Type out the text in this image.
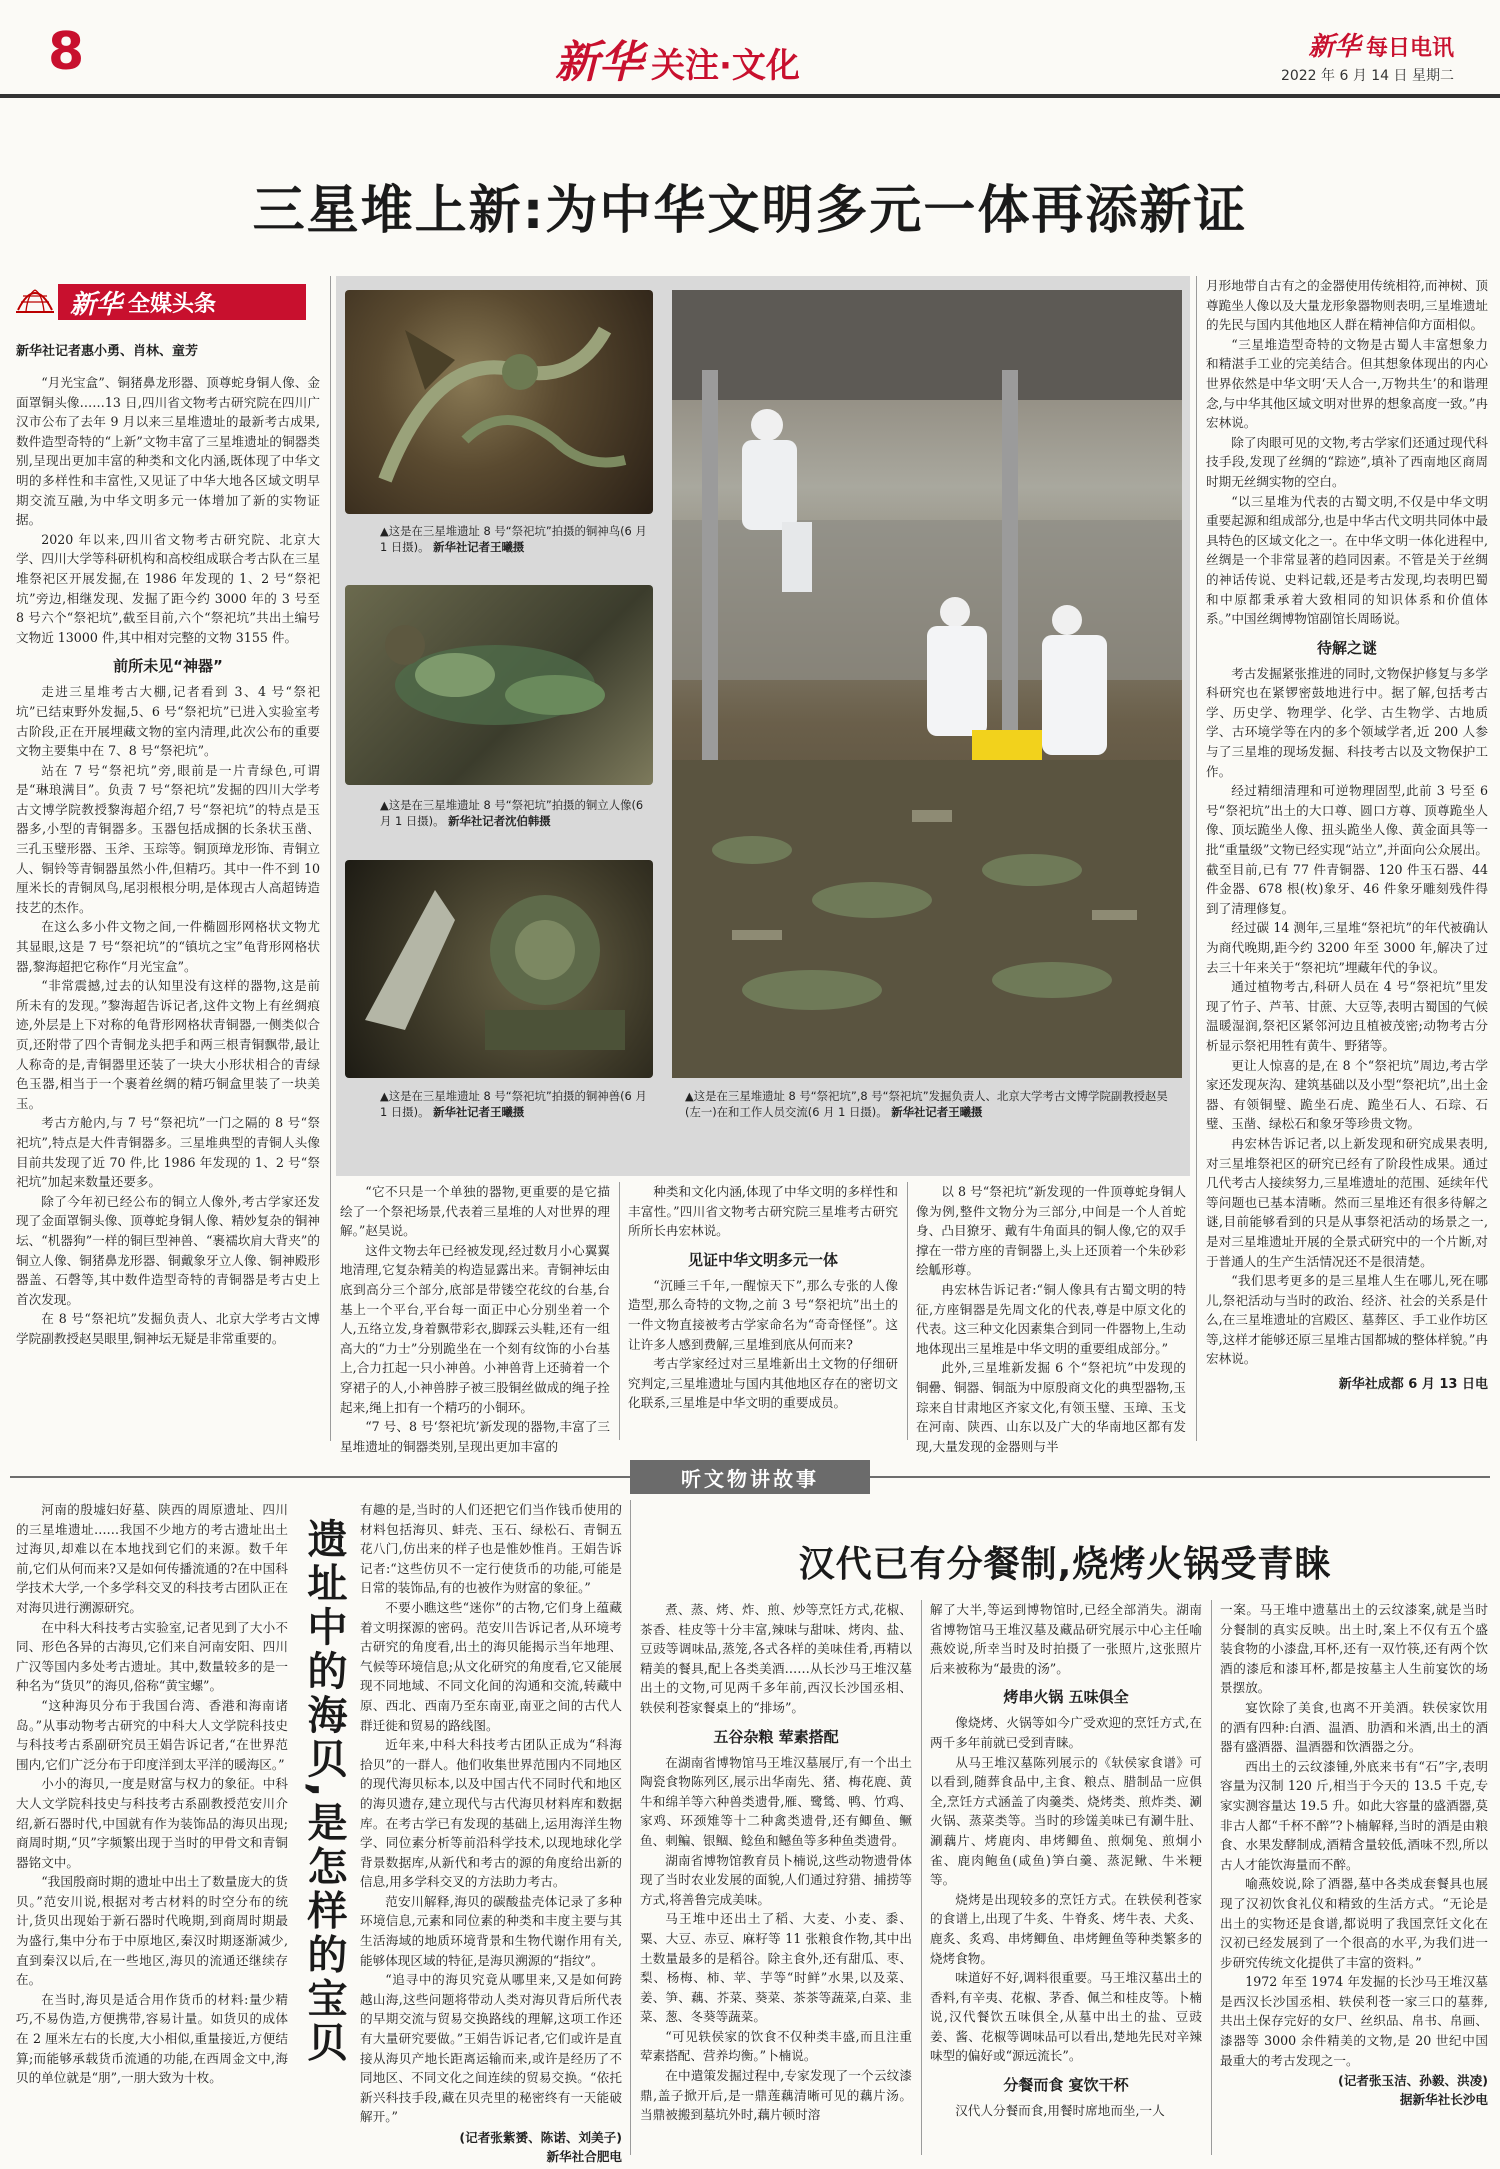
8	新华 关注·文化	新华 每日电讯
2022 年 6 月 14 日 星期二
三星堆上新:为中华文明多元一体再添新证
新华 全媒头条
新华社记者惠小勇、肖林、童芳

“月光宝盒”、铜猪鼻龙形器、顶尊蛇身铜人像、金面罩铜头像……13 日,四川省文物考古研究院在四川广汉市公布了去年 9 月以来三星堆遗址的最新考古成果,数件造型奇特的“上新”文物丰富了三星堆遗址的铜器类别,呈现出更加丰富的种类和文化内涵,既体现了中华文明的多样性和丰富性,又见证了中华大地各区域文明早期交流互融,为中华文明多元一体增加了新的实物证据。

2020 年以来,四川省文物考古研究院、北京大学、四川大学等科研机构和高校组成联合考古队在三星堆祭祀区开展发掘,在 1986 年发现的 1、2 号“祭祀坑”旁边,相继发现、发掘了距今约 3000 年的 3 号至 8 号六个“祭祀坑”,截至目前,六个“祭祀坑”共出土编号文物近 13000 件,其中相对完整的文物 3155 件。

前所未见“神器”

走进三星堆考古大棚,记者看到 3、4 号“祭祀坑”已结束野外发掘,5、6 号“祭祀坑”已进入实验室考古阶段,正在开展埋藏文物的室内清理,此次公布的重要文物主要集中在 7、8 号“祭祀坑”。

站在 7 号“祭祀坑”旁,眼前是一片青绿色,可谓是“琳琅满目”。负责 7 号“祭祀坑”发掘的四川大学考古文博学院教授黎海超介绍,7 号“祭祀坑”的特点是玉器多,小型的青铜器多。玉器包括成捆的长条状玉凿、三孔玉璧形器、玉斧、玉琮等。铜顶璋龙形饰、青铜立人、铜铃等青铜器虽然小件,但精巧。其中一件不到 10 厘米长的青铜凤鸟,尾羽根根分明,是体现古人高超铸造技艺的杰作。

在这么多小件文物之间,一件椭圆形网格状文物尤其显眼,这是 7 号“祭祀坑”的“镇坑之宝”龟背形网格状器,黎海超把它称作“月光宝盒”。

“非常震撼,过去的认知里没有这样的器物,这是前所未有的发现。”黎海超告诉记者,这件文物上有丝绸痕迹,外层是上下对称的龟背形网格状青铜器,一侧类似合页,还附带了四个青铜龙头把手和两三根青铜飘带,最让人称奇的是,青铜器里还装了一块大小形状相合的青绿色玉器,相当于一个裹着丝绸的精巧铜盒里装了一块美玉。

考古方舱内,与 7 号“祭祀坑”一门之隔的 8 号“祭祀坑”,特点是大件青铜器多。三星堆典型的青铜人头像目前共发现了近 70 件,比 1986 年发现的 1、2 号“祭祀坑”加起来数量还要多。

除了今年初已经公布的铜立人像外,考古学家还发现了金面罩铜头像、顶尊蛇身铜人像、精妙复杂的铜神坛、“机器狗”一样的铜巨型神兽、“裹襦坎肩大背夹”的铜立人像、铜猪鼻龙形器、铜戴象牙立人像、铜神殿形器盖、石磬等,其中数件造型奇特的青铜器是考古史上首次发现。

在 8 号“祭祀坑”发掘负责人、北京大学考古文博学院副教授赵昊眼里,铜神坛无疑是非常重要的。

▲这是在三星堆遗址 8 号“祭祀坑”拍摄的铜神鸟(6 月 1 日摄)。 新华社记者王曦摄
▲这是在三星堆遗址 8 号“祭祀坑”拍摄的铜立人像(6 月 1 日摄)。 新华社记者沈伯韩摄
▲这是在三星堆遗址 8 号“祭祀坑”拍摄的铜神兽(6 月 1 日摄)。 新华社记者王曦摄
▲这是在三星堆遗址 8 号“祭祀坑”,8 号“祭祀坑”发掘负责人、北京大学考古文博学院副教授赵昊(左一)在和工作人员交流(6 月 1 日摄)。 新华社记者王曦摄

“它不只是一个单独的器物,更重要的是它描绘了一个祭祀场景,代表着三星堆的人对世界的理解。”赵昊说。

这件文物去年已经被发现,经过数月小心翼翼地清理,它复杂精美的构造显露出来。青铜神坛由底到高分三个部分,底部是带镂空花纹的台基,台基上一个平台,平台每一面正中心分别坐着一个人,五络立发,身着飘带彩衣,脚踩云头鞋,还有一组高大的“力士”分别跪坐在一个刻有纹饰的小台基上,合力扛起一只小神兽。小神兽背上还骑着一个穿裙子的人,小神兽脖子被三股铜丝做成的绳子拴起来,绳上扣有一个精巧的小铜环。

“7 号、8 号‘祭祀坑’新发现的器物,丰富了三星堆遗址的铜器类别,呈现出更加丰富的

种类和文化内涵,体现了中华文明的多样性和丰富性。”四川省文物考古研究院三星堆考古研究所所长冉宏林说。

见证中华文明多元一体

“沉睡三千年,一醒惊天下”,那么专张的人像造型,那么奇特的文物,之前 3 号“祭祀坑”出土的一件文物直接被考古学家命名为“奇奇怪怪”。这让许多人感到费解,三星堆到底从何而来?

考古学家经过对三星堆新出土文物的仔细研究判定,三星堆遗址与国内其他地区存在的密切文化联系,三星堆是中华文明的重要成员。

以 8 号“祭祀坑”新发现的一件顶尊蛇身铜人像为例,整件文物分为三部分,中间是一个人首蛇身、凸目獠牙、戴有牛角面具的铜人像,它的双手撑在一带方座的青铜器上,头上还顶着一个朱砂彩绘觚形尊。

冉宏林告诉记者:“铜人像具有古蜀文明的特征,方座铜器是先周文化的代表,尊是中原文化的代表。这三种文化因素集合到同一件器物上,生动地体现出三星堆是中华文明的重要组成部分。”

此外,三星堆新发掘 6 个“祭祀坑”中发现的铜罍、铜器、铜瓿为中原殷商文化的典型器物,玉琮来自甘肃地区齐家文化,有领玉璧、玉璋、玉戈在河南、陕西、山东以及广大的华南地区都有发现,大量发现的金器则与半

月形地带自古有之的金器使用传统相符,而神树、顶尊跪坐人像以及大量龙形象器物则表明,三星堆遗址的先民与国内其他地区人群在精神信仰方面相似。

“三星堆造型奇特的文物是古蜀人丰富想象力和精湛手工业的完美结合。但其想象体现出的内心世界依然是中华文明‘天人合一,万物共生’的和谐理念,与中华其他区域文明对世界的想象高度一致。”冉宏林说。

除了肉眼可见的文物,考古学家们还通过现代科技手段,发现了丝绸的“踪迹”,填补了西南地区商周时期无丝绸实物的空白。

“以三星堆为代表的古蜀文明,不仅是中华文明重要起源和组成部分,也是中华古代文明共同体中最具特色的区域文化之一。在中华文明一体化进程中,丝绸是一个非常显著的趋同因素。不管是关于丝绸的神话传说、史料记载,还是考古发现,均表明巴蜀和中原都秉承着大致相同的知识体系和价值体系。”中国丝绸博物馆副馆长周旸说。

待解之谜

考古发掘紧张推进的同时,文物保护修复与多学科研究也在紧锣密鼓地进行中。据了解,包括考古学、历史学、物理学、化学、古生物学、古地质学、古环境学等在内的多个领域学者,近 200 人参与了三星堆的现场发掘、科技考古以及文物保护工作。

经过精细清理和可逆物理固型,此前 3 号至 6 号“祭祀坑”出土的大口尊、圆口方尊、顶尊跪坐人像、顶坛跪坐人像、扭头跪坐人像、黄金面具等一批“重量级”文物已经实现“站立”,并面向公众展出。截至目前,已有 77 件青铜器、120 件玉石器、44 件金器、678 根(枚)象牙、46 件象牙雕刻残件得到了清理修复。

经过碳 14 测年,三星堆“祭祀坑”的年代被确认为商代晚期,距今约 3200 年至 3000 年,解决了过去三十年来关于“祭祀坑”埋藏年代的争议。

通过植物考古,科研人员在 4 号“祭祀坑”里发现了竹子、芦苇、甘蔗、大豆等,表明古蜀国的气候温暖湿润,祭祀区紧邻河边且植被茂密;动物考古分析显示祭祀用牲有黄牛、野猪等。

更让人惊喜的是,在 8 个“祭祀坑”周边,考古学家还发现灰沟、建筑基础以及小型“祭祀坑”,出土金器、有领铜璧、跪坐石虎、跪坐石人、石琮、石璧、玉凿、绿松石和象牙等珍贵文物。

冉宏林告诉记者,以上新发现和研究成果表明,对三星堆祭祀区的研究已经有了阶段性成果。通过几代考古人接续努力,三星堆遗址的范围、延续年代等问题也已基本清晰。然而三星堆还有很多待解之谜,目前能够看到的只是从事祭祀活动的场景之一,是对三星堆遗址开展的全景式研究中的一个片断,对于普通人的生产生活情况还不是很清楚。

“我们思考更多的是三星堆人生在哪儿,死在哪儿,祭祀活动与当时的政治、经济、社会的关系是什么,在三星堆遗址的宫殿区、墓葬区、手工业作坊区等,这样才能够还原三星堆古国都城的整体样貌。”冉宏林说。

新华社成都 6 月 13 日电
听文物讲故事

河南的殷墟妇好墓、陕西的周原遗址、四川的三星堆遗址……我国不少地方的考古遗址出土过海贝,却难以在本地找到它们的来源。数千年前,它们从何而来?又是如何传播流通的?在中国科学技术大学,一个多学科交叉的科技考古团队正在对海贝进行溯源研究。

在中科大科技考古实验室,记者见到了大小不同、形色各异的古海贝,它们来自河南安阳、四川广汉等国内多处考古遗址。其中,数量较多的是一种名为“货贝”的海贝,俗称“黄宝螺”。

“这种海贝分布于我国台湾、香港和海南诸岛。”从事动物考古研究的中科大人文学院科技史与科技考古系副研究员王娟告诉记者,“在世界范围内,它们广泛分布于印度洋到太平洋的暖海区。”

小小的海贝,一度是财富与权力的象征。中科大人文学院科技史与科技考古系副教授范安川介绍,新石器时代,中国就有作为装饰品的海贝出现;商周时期,“贝”字频繁出现于当时的甲骨文和青铜器铭文中。

“我国殷商时期的遗址中出土了数量庞大的货贝。”范安川说,根据对考古材料的时空分布的统计,货贝出现始于新石器时代晚期,到商周时期最为盛行,集中分布于中原地区,秦汉时期逐渐减少,直到秦汉以后,在一些地区,海贝的流通还继续存在。

在当时,海贝是适合用作货币的材料:量少精巧,不易伪造,方便携带,容易计量。如货贝的成体在 2 厘米左右的长度,大小相似,重量接近,方便结算;而能够承载货币流通的功能,在西周金文中,海贝的单位就是“朋”,一朋大致为十枚。

遗址中的海贝,是怎样的宝贝

有趣的是,当时的人们还把它们当作钱币使用的材料包括海贝、蚌壳、玉石、绿松石、青铜五花八门,仿出来的样子也是惟妙惟肖。王娟告诉记者:“这些仿贝不一定行使货币的功能,可能是日常的装饰品,有的也被作为财富的象征。”

不要小瞧这些“迷你”的古物,它们身上蕴藏着文明探源的密码。范安川告诉记者,从环境考古研究的角度看,出土的海贝能揭示当年地理、气候等环境信息;从文化研究的角度看,它又能展现不同地域、不同文化间的沟通和交流,转藏中原、西北、西南乃至东南亚,南亚之间的古代人群迁徙和贸易的路线图。

近年来,中科大科技考古团队正成为“科海拾贝”的一群人。他们收集世界范围内不同地区的现代海贝标本,以及中国古代不同时代和地区的海贝遗存,建立现代与古代海贝材料库和数据库。在考古学已有发现的基础上,运用海洋生物学、同位素分析等前沿科学技术,以现地球化学背景数据库,从新代和考古的源的角度给出新的信息,用多学科交叉的方法助力考古。

范安川解释,海贝的碳酸盐壳体记录了多种环境信息,元素和同位素的种类和丰度主要与其生活海域的地质环境背景和生物代谢作用有关,能够体现区域的特征,是海贝溯源的“指纹”。

“追寻中的海贝究竟从哪里来,又是如何跨越山海,这些问题将带动人类对海贝背后所代表的早期交流与贸易交换路线的理解,这项工作还有大量研究要做。”王娟告诉记者,它们或许是直接从海贝产地长距离运输而来,或许是经历了不同地区、不同文化之间连续的贸易交换。“依托新兴科技手段,藏在贝壳里的秘密终有一天能破解开。”

(记者张紫赟、陈诺、刘美子)
新华社合肥电
汉代已有分餐制,烧烤火锅受青睐

煮、蒸、烤、炸、煎、炒等烹饪方式,花椒、茶香、桂皮等十分丰富,辣味与甜味、烤肉、盐、豆豉等调味品,蒸笼,各式各样的美味佳肴,再精以精美的餐具,配上各类美酒……从长沙马王堆汉墓出土的文物,可见两千多年前,西汉长沙国丞相、轶侯利苍家餐桌上的“排场”。

五谷杂粮 荤素搭配

在湖南省博物馆马王堆汉墓展厅,有一个出土陶瓷食物陈列区,展示出华南先、猪、梅花鹿、黄牛和绵羊等六种兽类遗骨,雁、鹭鸶、鸭、竹鸡、家鸡、环颈雉等十二种禽类遗骨,还有鲫鱼、鳜鱼、刺鳊、银鲴、鲶鱼和鳡鱼等多种鱼类遗骨。

湖南省博物馆教育员卜楠说,这些动物遗骨体现了当时农业发展的面貌,人们通过狩猎、捕捞等方式,将善鲁完成美味。

马王堆中还出土了稻、大麦、小麦、黍、粟、大豆、赤豆、麻籽等 11 张粮食作物,其中出土数量最多的是稻谷。除主食外,还有甜瓜、枣、梨、杨梅、柿、苹、芋等“时鲜”水果,以及菜、姜、笋、藕、芥菜、葵菜、茶茶等蔬菜,白菜、韭菜、葱、冬葵等蔬菜。

“可见轶侯家的饮食不仅种类丰盛,而且注重荤素搭配、营养均衡。”卜楠说。

在中遣策发掘过程中,专家发现了一个云纹漆鼎,盖子掀开后,是一鼎莲藕清晰可见的藕片汤。当鼎被搬到墓坑外时,藕片顿时溶

解了大半,等运到博物馆时,已经全部消失。湖南省博物馆马王堆汉墓及藏品研究展示中心主任喻燕姣说,所幸当时及时拍摄了一张照片,这张照片后来被称为“最贵的汤”。

烤串火锅 五味俱全

像烧烤、火锅等如今广受欢迎的烹饪方式,在两千多年前就已受到青睐。

从马王堆汉墓陈列展示的《轪侯家食谱》可以看到,随葬食品中,主食、粮点、腊制品一应俱全,烹饪方式涵盖了肉羹类、烧烤类、煎炸类、涮火锅、蒸菜类等。当时的珍馐美味已有涮牛肚、涮藕片、烤鹿肉、串烤鲫鱼、煎炯兔、煎炯小雀、鹿肉鲍鱼(咸鱼)笋白羹、蒸泥鳅、牛米粳等。

烧烤是出现较多的烹饪方式。在轶侯利苍家的食谱上,出现了牛炙、牛脊炙、烤牛表、犬炙、鹿炙、炙鸡、串烤鲫鱼、串烤鲤鱼等种类繁多的烧烤食物。

味道好不好,调料很重要。马王堆汉墓出土的香料,有辛夷、花椒、茅香、佩兰和桂皮等。卜楠说,汉代餐饮五味俱全,从墓中出土的盐、豆豉姜、酱、花椒等调味品可以看出,楚地先民对辛辣味型的偏好或“源远流长”。

分餐而食 宴饮干杯

汉代人分餐而食,用餐时席地而坐,一人

一案。马王堆中遗墓出土的云纹漆案,就是当时分餐制的真实反映。出土时,案上不仅有五个盛装食物的小漆盘,耳杯,还有一双竹筷,还有两个饮酒的漆卮和漆耳杯,都是按墓主人生前宴饮的场景摆放。

宴饮除了美食,也离不开美酒。轶侯家饮用的酒有四种:白酒、温酒、肋酒和米酒,出土的酒器有盛酒器、温酒器和饮酒器之分。

西出土的云纹漆锺,外底来书有“石”字,表明容量为汉制 120 斤,相当于今天的 13.5 千克,专家实测容量达 19.5 升。如此大容量的盛酒器,莫非古人都“千杯不醉”?卜楠解释,当时的酒是由粮食、水果发酵制成,酒精含量较低,酒味不烈,所以古人才能饮海量而不醉。

喻燕姣说,除了酒器,墓中各类成套餐具也展现了汉初饮食礼仪和精致的生活方式。“无论是出土的实物还是食谱,都说明了我国烹饪文化在汉初已经发展到了一个很高的水平,为我们进一步研究传统文化提供了丰富的资料。”

1972 年至 1974 年发掘的长沙马王堆汉墓是西汉长沙国丞相、轶侯利苍一家三口的墓葬,共出土保存完好的女尸、丝织品、帛书、帛画、漆器等 3000 余件精美的文物,是 20 世纪中国最重大的考古发现之一。

(记者张玉洁、孙毅、洪凌)
据新华社长沙电
